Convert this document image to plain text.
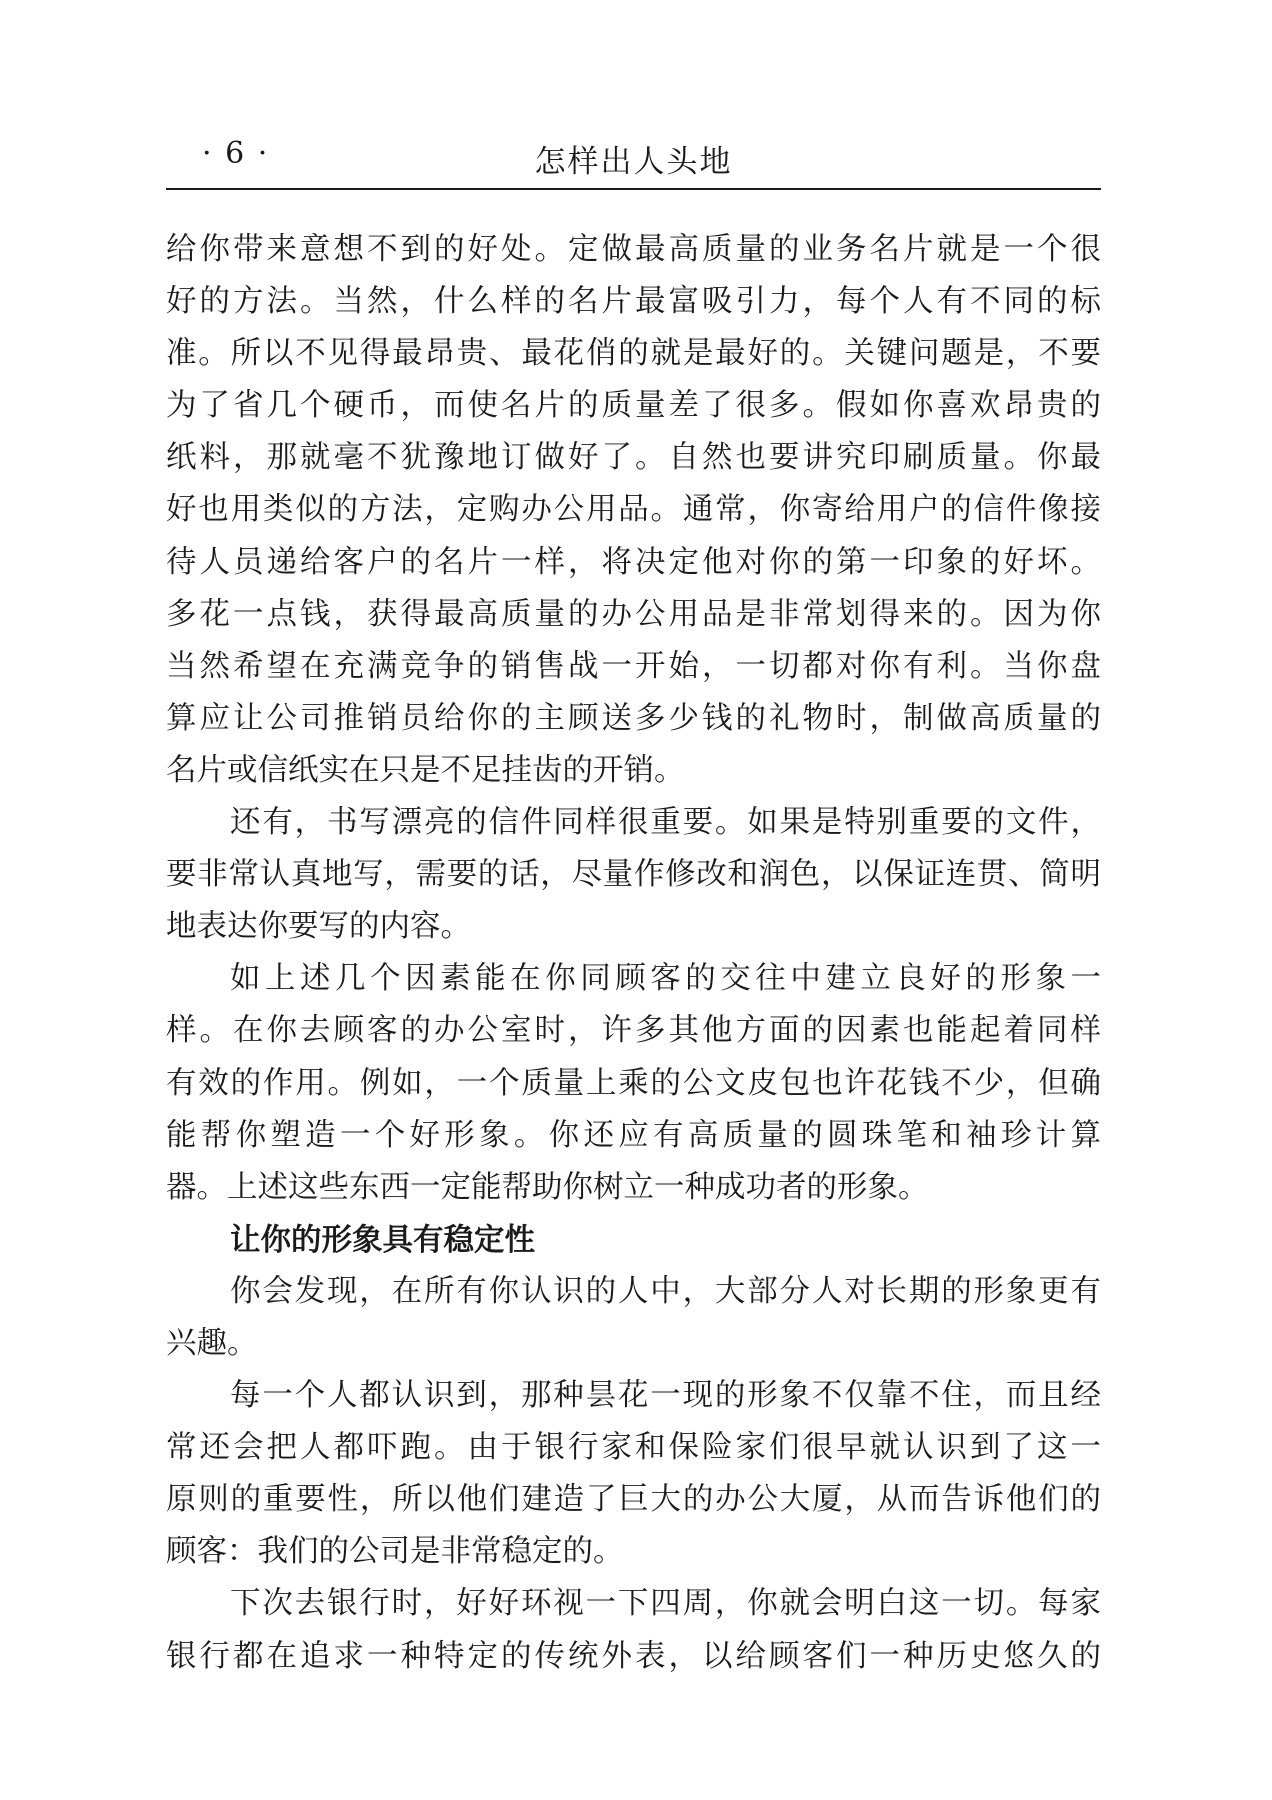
· 6 ·	怎样出人头地
给你带来意想不到的好处。定做最高质量的业务名片就是一个很
好的方法。当然，什么样的名片最富吸引力，每个人有不同的标
准。所以不见得最昂贵、最花俏的就是最好的。关键问题是，不要
为了省几个硬币，而使名片的质量差了很多。假如你喜欢昂贵的
纸料，那就毫不犹豫地订做好了。自然也要讲究印刷质量。你最
好也用类似的方法，定购办公用品。通常，你寄给用户的信件像接
待人员递给客户的名片一样，将决定他对你的第一印象的好坏。
多花一点钱，获得最高质量的办公用品是非常划得来的。因为你
当然希望在充满竞争的销售战一开始，一切都对你有利。当你盘
算应让公司推销员给你的主顾送多少钱的礼物时，制做高质量的
名片或信纸实在只是不足挂齿的开销。
还有，书写漂亮的信件同样很重要。如果是特别重要的文件，
要非常认真地写，需要的话，尽量作修改和润色，以保证连贯、简明
地表达你要写的内容。
如上述几个因素能在你同顾客的交往中建立良好的形象一
样。在你去顾客的办公室时，许多其他方面的因素也能起着同样
有效的作用。例如，一个质量上乘的公文皮包也许花钱不少，但确
能帮你塑造一个好形象。你还应有高质量的圆珠笔和袖珍计算
器。上述这些东西一定能帮助你树立一种成功者的形象。
让你的形象具有稳定性
你会发现，在所有你认识的人中，大部分人对长期的形象更有
兴趣。
每一个人都认识到，那种昙花一现的形象不仅靠不住，而且经
常还会把人都吓跑。由于银行家和保险家们很早就认识到了这一
原则的重要性，所以他们建造了巨大的办公大厦，从而告诉他们的
顾客：我们的公司是非常稳定的。
下次去银行时，好好环视一下四周，你就会明白这一切。每家
银行都在追求一种特定的传统外表，以给顾客们一种历史悠久的
